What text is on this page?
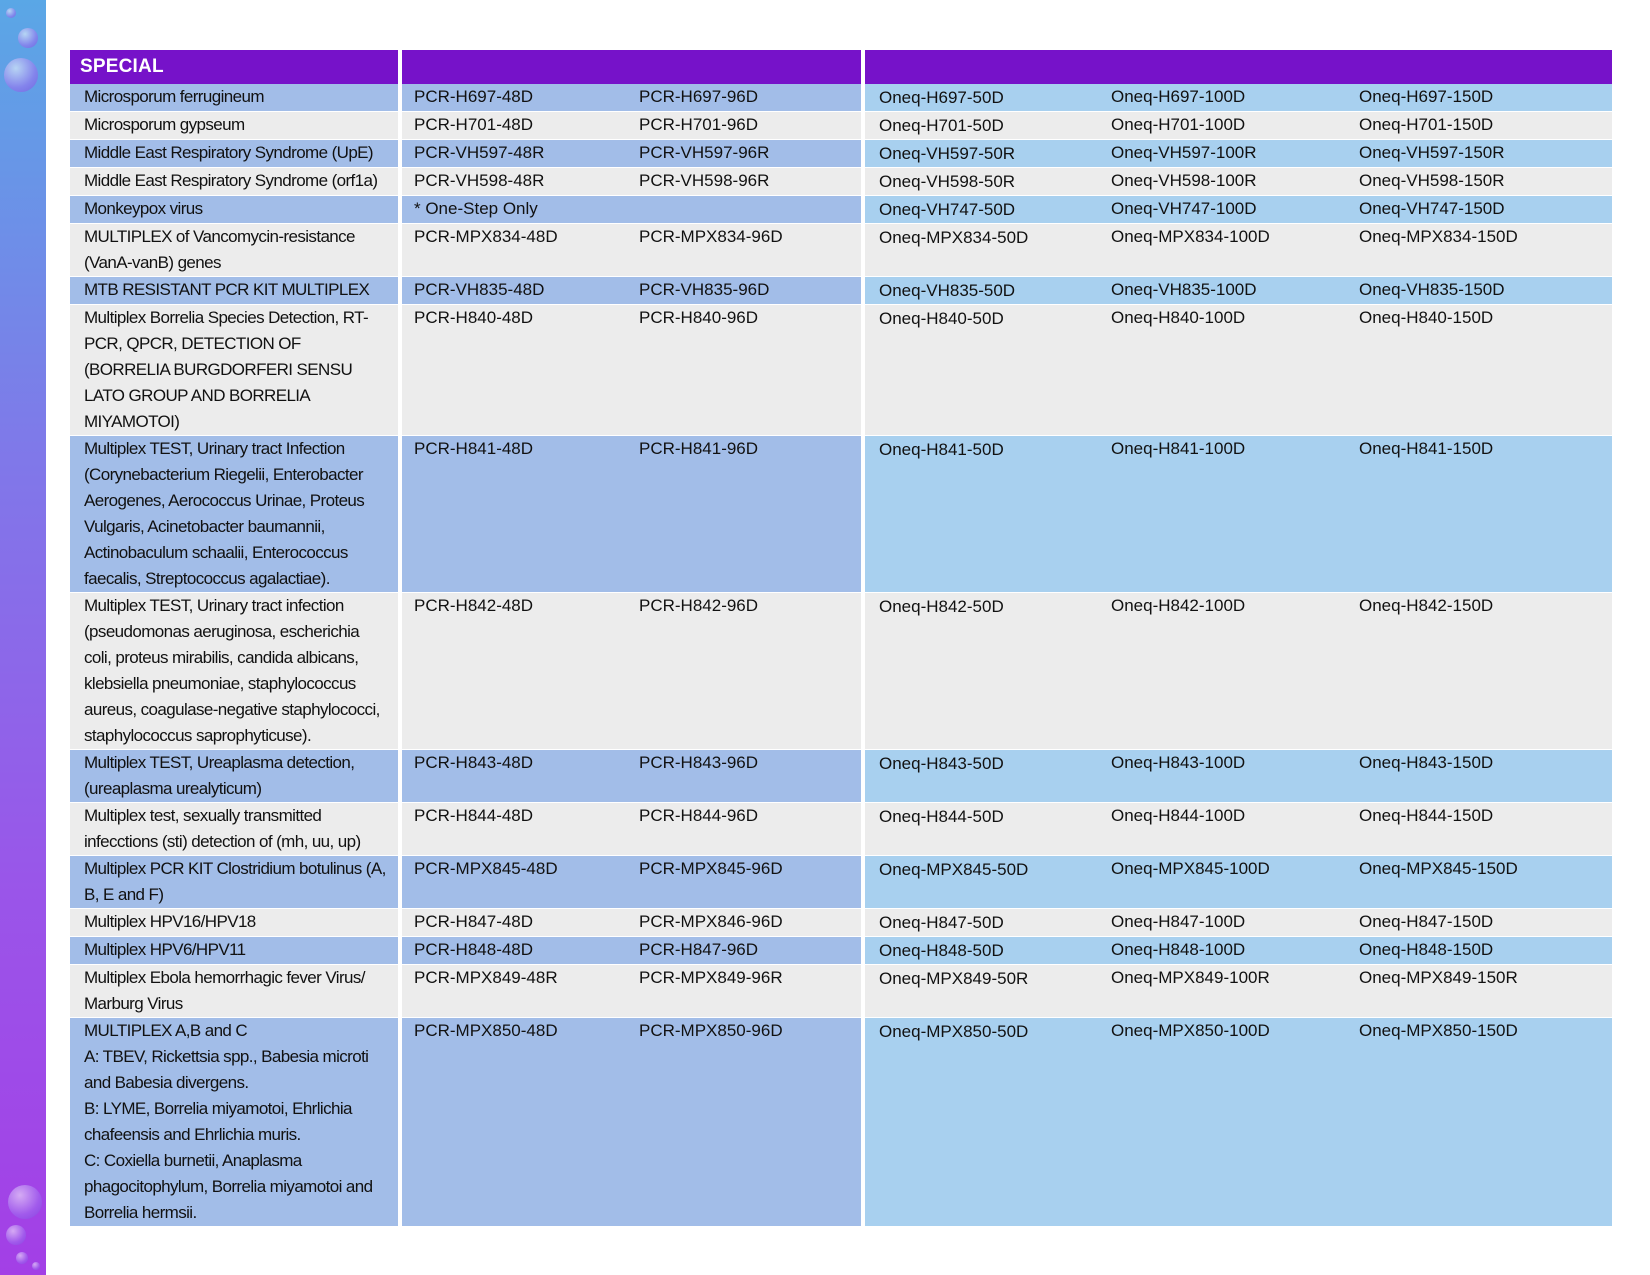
SPECIAL					
Microsporum ferrugineum	PCR-H697-48D	PCR-H697-96D	Oneq-H697-50D	Oneq-H697-100D	Oneq-H697-150D
Microsporum gypseum	PCR-H701-48D	PCR-H701-96D	Oneq-H701-50D	Oneq-H701-100D	Oneq-H701-150D
Middle East Respiratory Syndrome (UpE)	PCR-VH597-48R	PCR-VH597-96R	Oneq-VH597-50R	Oneq-VH597-100R	Oneq-VH597-150R
Middle East Respiratory Syndrome (orf1a)	PCR-VH598-48R	PCR-VH598-96R	Oneq-VH598-50R	Oneq-VH598-100R	Oneq-VH598-150R
Monkeypox virus	* One-Step Only		Oneq-VH747-50D	Oneq-VH747-100D	Oneq-VH747-150D
MULTIPLEX of Vancomycin-resistance (VanA-vanB) genes	PCR-MPX834-48D	PCR-MPX834-96D	Oneq-MPX834-50D	Oneq-MPX834-100D	Oneq-MPX834-150D
MTB RESISTANT PCR KIT MULTIPLEX	PCR-VH835-48D	PCR-VH835-96D	Oneq-VH835-50D	Oneq-VH835-100D	Oneq-VH835-150D
Multiplex Borrelia Species Detection, RT-PCR, QPCR, DETECTION OF (BORRELIA BURGDORFERI SENSU LATO GROUP AND BORRELIA MIYAMOTOI)	PCR-H840-48D	PCR-H840-96D	Oneq-H840-50D	Oneq-H840-100D	Oneq-H840-150D
Multiplex TEST, Urinary tract Infection (Corynebacterium Riegelii, Enterobacter Aerogenes, Aerococcus Urinae, Proteus Vulgaris, Acinetobacter baumannii, Actinobaculum schaalii, Enterococcus faecalis, Streptococcus agalactiae).	PCR-H841-48D	PCR-H841-96D	Oneq-H841-50D	Oneq-H841-100D	Oneq-H841-150D
Multiplex TEST, Urinary tract infection (pseudomonas aeruginosa, escherichia coli, proteus mirabilis, candida albicans, klebsiella pneumoniae, staphylococcus aureus, coagulase-negative staphylococci, staphylococcus saprophyticuse).	PCR-H842-48D	PCR-H842-96D	Oneq-H842-50D	Oneq-H842-100D	Oneq-H842-150D
Multiplex TEST, Ureaplasma detection, (ureaplasma urealyticum)	PCR-H843-48D	PCR-H843-96D	Oneq-H843-50D	Oneq-H843-100D	Oneq-H843-150D
Multiplex test, sexually transmitted infecctions (sti) detection of (mh, uu, up)	PCR-H844-48D	PCR-H844-96D	Oneq-H844-50D	Oneq-H844-100D	Oneq-H844-150D
Multiplex PCR KIT Clostridium botulinus (A, B, E and F)	PCR-MPX845-48D	PCR-MPX845-96D	Oneq-MPX845-50D	Oneq-MPX845-100D	Oneq-MPX845-150D
Multiplex HPV16/HPV18	PCR-H847-48D	PCR-MPX846-96D	Oneq-H847-50D	Oneq-H847-100D	Oneq-H847-150D
Multiplex HPV6/HPV11	PCR-H848-48D	PCR-H847-96D	Oneq-H848-50D	Oneq-H848-100D	Oneq-H848-150D
Multiplex Ebola hemorrhagic fever Virus/ Marburg Virus	PCR-MPX849-48R	PCR-MPX849-96R	Oneq-MPX849-50R	Oneq-MPX849-100R	Oneq-MPX849-150R
MULTIPLEX A,B and C
A: TBEV, Rickettsia spp., Babesia microti and Babesia divergens.
B: LYME, Borrelia miyamotoi, Ehrlichia chafeensis and Ehrlichia muris.
C: Coxiella burnetii, Anaplasma phagocitophylum, Borrelia miyamotoi and Borrelia hermsii.	PCR-MPX850-48D	PCR-MPX850-96D	Oneq-MPX850-50D	Oneq-MPX850-100D	Oneq-MPX850-150D
